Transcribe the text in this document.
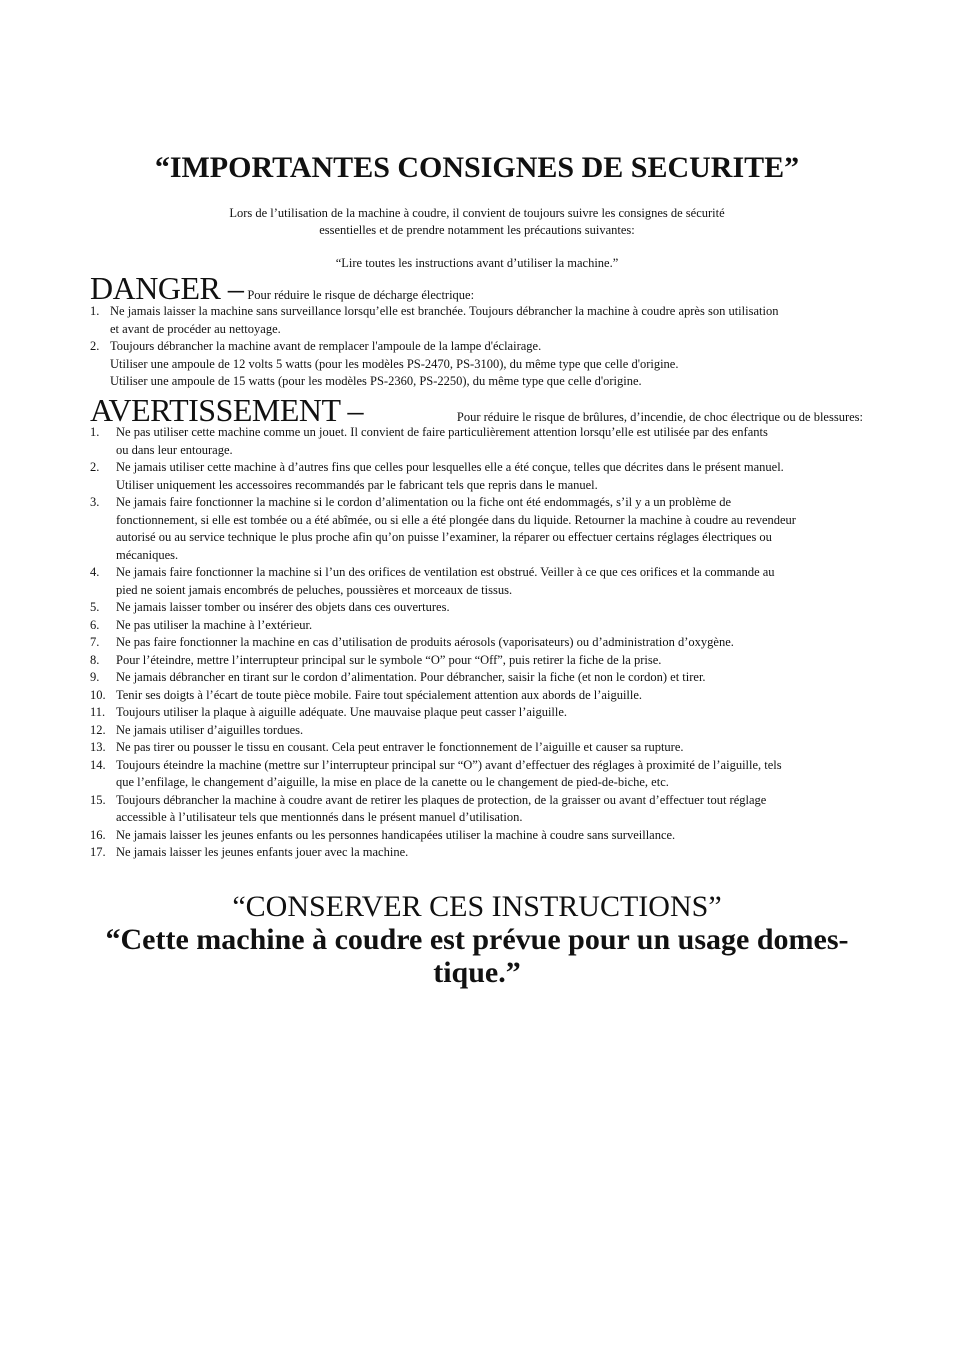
“IMPORTANTES CONSIGNES DE SECURITE”
Lors de l’utilisation de la machine à coudre, il convient de toujours suivre les consignes de sécurité
essentielles et de prendre notamment les précautions suivantes:
“Lire toutes les instructions avant d’utiliser la machine.”
DANGER – Pour réduire le risque de décharge électrique:
1. Ne jamais laisser la machine sans surveillance lorsqu’elle est branchée. Toujours débrancher la machine à coudre après son utilisation
et avant de procéder au nettoyage.
2. Toujours débrancher la machine avant de remplacer l'ampoule de la lampe d'éclairage.
Utiliser une ampoule de 12 volts 5 watts (pour les modèles PS-2470, PS-3100), du même type que celle d'origine.
Utiliser une ampoule de 15 watts (pour les modèles PS-2360, PS-2250), du même type que celle d'origine.
AVERTISSEMENT –	Pour réduire le risque de brûlures, d’incendie, de choc électrique ou de blessures:
1. Ne pas utiliser cette machine comme un jouet. Il convient de faire particulièrement attention lorsqu’elle est utilisée par des enfants
ou dans leur entourage.
2. Ne jamais utiliser cette machine à d’autres fins que celles pour lesquelles elle a été conçue, telles que décrites dans le présent manuel.
Utiliser uniquement les accessoires recommandés par le fabricant tels que repris dans le manuel.
3. Ne jamais faire fonctionner la machine si le cordon d’alimentation ou la fiche ont été endommagés, s’il y a un problème de
fonctionnement, si elle est tombée ou a été abîmée, ou si elle a été plongée dans du liquide. Retourner la machine à coudre au revendeur
autorisé ou au service technique le plus proche afin qu’on puisse l’examiner, la réparer ou effectuer certains réglages électriques ou
mécaniques.
4. Ne jamais faire fonctionner la machine si l’un des orifices de ventilation est obstrué. Veiller à ce que ces orifices et la commande au
pied ne soient jamais encombrés de peluches, poussières et morceaux de tissus.
5. Ne jamais laisser tomber ou insérer des objets dans ces ouvertures.
6. Ne pas utiliser la machine à l’extérieur.
7. Ne pas faire fonctionner la machine en cas d’utilisation de produits aérosols (vaporisateurs) ou d’administration d’oxygène.
8. Pour l’éteindre, mettre l’interrupteur principal sur le symbole “O” pour “Off”, puis retirer la fiche de la prise.
9. Ne jamais débrancher en tirant sur le cordon d’alimentation. Pour débrancher, saisir la fiche (et non le cordon) et tirer.
10. Tenir ses doigts à l’écart de toute pièce mobile. Faire tout spécialement attention aux abords de l’aiguille.
11. Toujours utiliser la plaque à aiguille adéquate. Une mauvaise plaque peut casser l’aiguille.
12. Ne jamais utiliser d’aiguilles tordues.
13. Ne pas tirer ou pousser le tissu en cousant. Cela peut entraver le fonctionnement de l’aiguille et causer sa rupture.
14. Toujours éteindre la machine (mettre sur l’interrupteur principal sur “O”) avant d’effectuer des réglages à proximité de l’aiguille, tels
que l’enfilage, le changement d’aiguille, la mise en place de la canette ou le changement de pied-de-biche, etc.
15. Toujours débrancher la machine à coudre avant de retirer les plaques de protection, de la graisser ou avant d’effectuer tout réglage
accessible à l’utilisateur tels que mentionnés dans le présent manuel d’utilisation.
16. Ne jamais laisser les jeunes enfants ou les personnes handicapées utiliser la machine à coudre sans surveillance.
17. Ne jamais laisser les jeunes enfants jouer avec la machine.
“CONSERVER CES INSTRUCTIONS”
“Cette machine à coudre est prévue pour un usage domes-tique.”
